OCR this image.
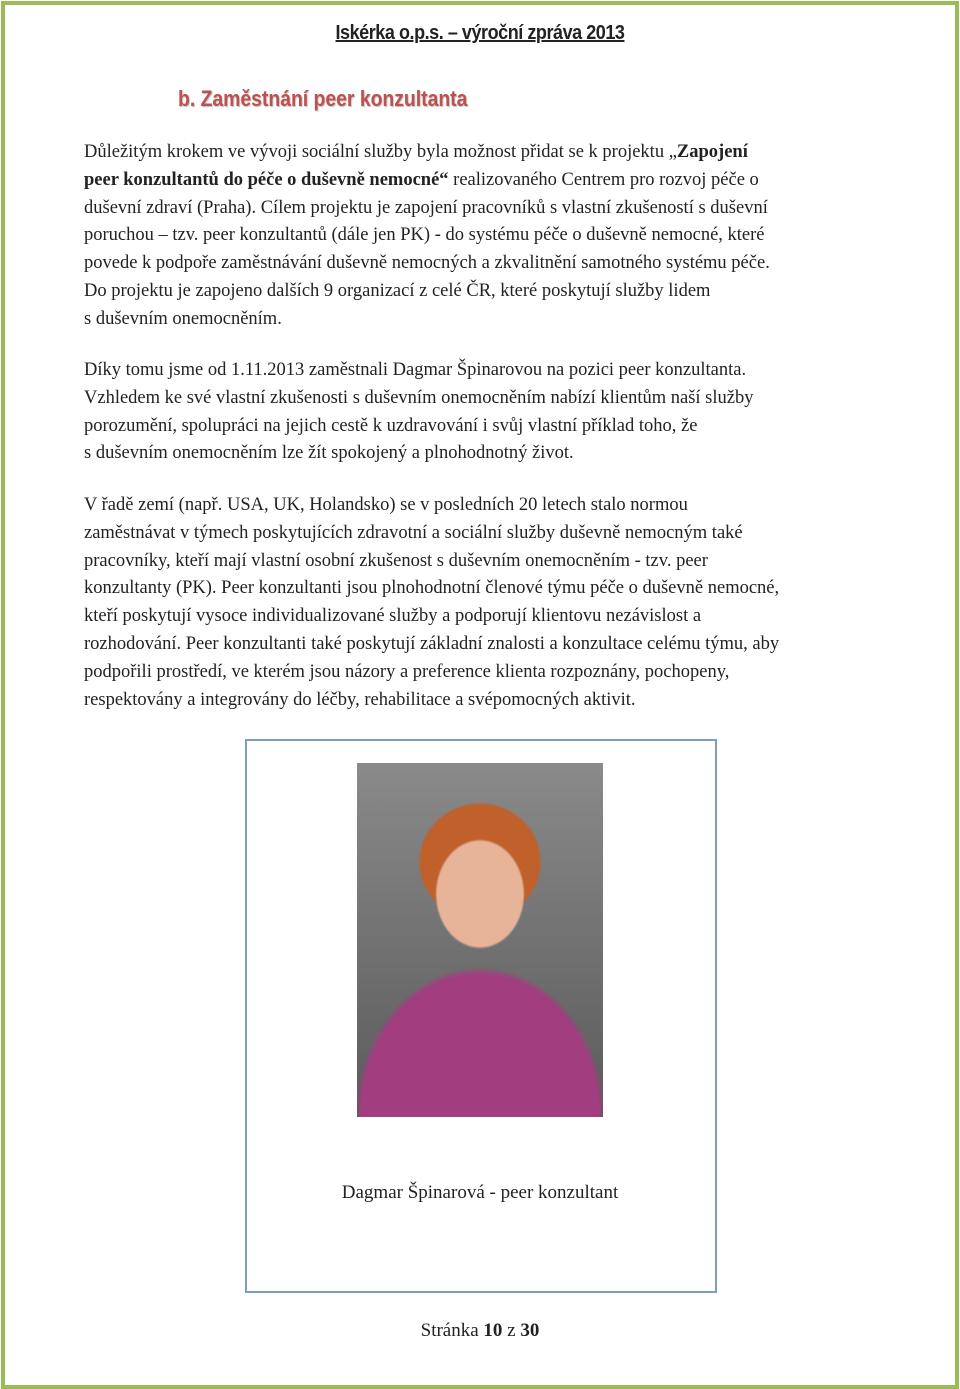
Iskérka o.p.s. – výroční zpráva 2013
b. Zaměstnání peer konzultanta
Důležitým krokem ve vývoji sociální služby byla možnost přidat se k projektu „Zapojení
peer konzultantů do péče o duševně nemocné“ realizovaného Centrem pro rozvoj péče o
duševní zdraví (Praha). Cílem projektu je zapojení pracovníků s vlastní zkušeností s duševní
poruchou – tzv. peer konzultantů (dále jen PK) - do systému péče o duševně nemocné, které
povede k podpoře zaměstnávání duševně nemocných a zkvalitnění samotného systému péče.
Do projektu je zapojeno dalších 9 organizací z celé ČR, které poskytují služby lidem
s duševním onemocněním.
Díky tomu jsme od 1.11.2013 zaměstnali Dagmar Špinarovou na pozici peer konzultanta.
Vzhledem ke své vlastní zkušenosti s duševním onemocněním nabízí klientům naší služby
porozumění, spolupráci na jejich cestě k uzdravování i svůj vlastní příklad toho, že
s duševním onemocněním lze žít spokojený a plnohodnotný život.
V řadě zemí (např. USA, UK, Holandsko) se v posledních 20 letech stalo normou
zaměstnávat v týmech poskytujících zdravotní a sociální služby duševně nemocným také
pracovníky, kteří mají vlastní osobní zkušenost s duševním onemocněním - tzv. peer
konzultanty (PK). Peer konzultanti jsou plnohodnotní členové týmu péče o duševně nemocné,
kteří poskytují vysoce individualizované služby a podporují klientovu nezávislost a
rozhodování. Peer konzultanti také poskytují základní znalosti a konzultace celému týmu, aby
podpořili prostředí, ve kterém jsou názory a preference klienta rozpoznány, pochopeny,
respektovány a integrovány do léčby, rehabilitace a svépomocných aktivit.
Dagmar Špinarová - peer konzultant
Stránka 10 z 30
